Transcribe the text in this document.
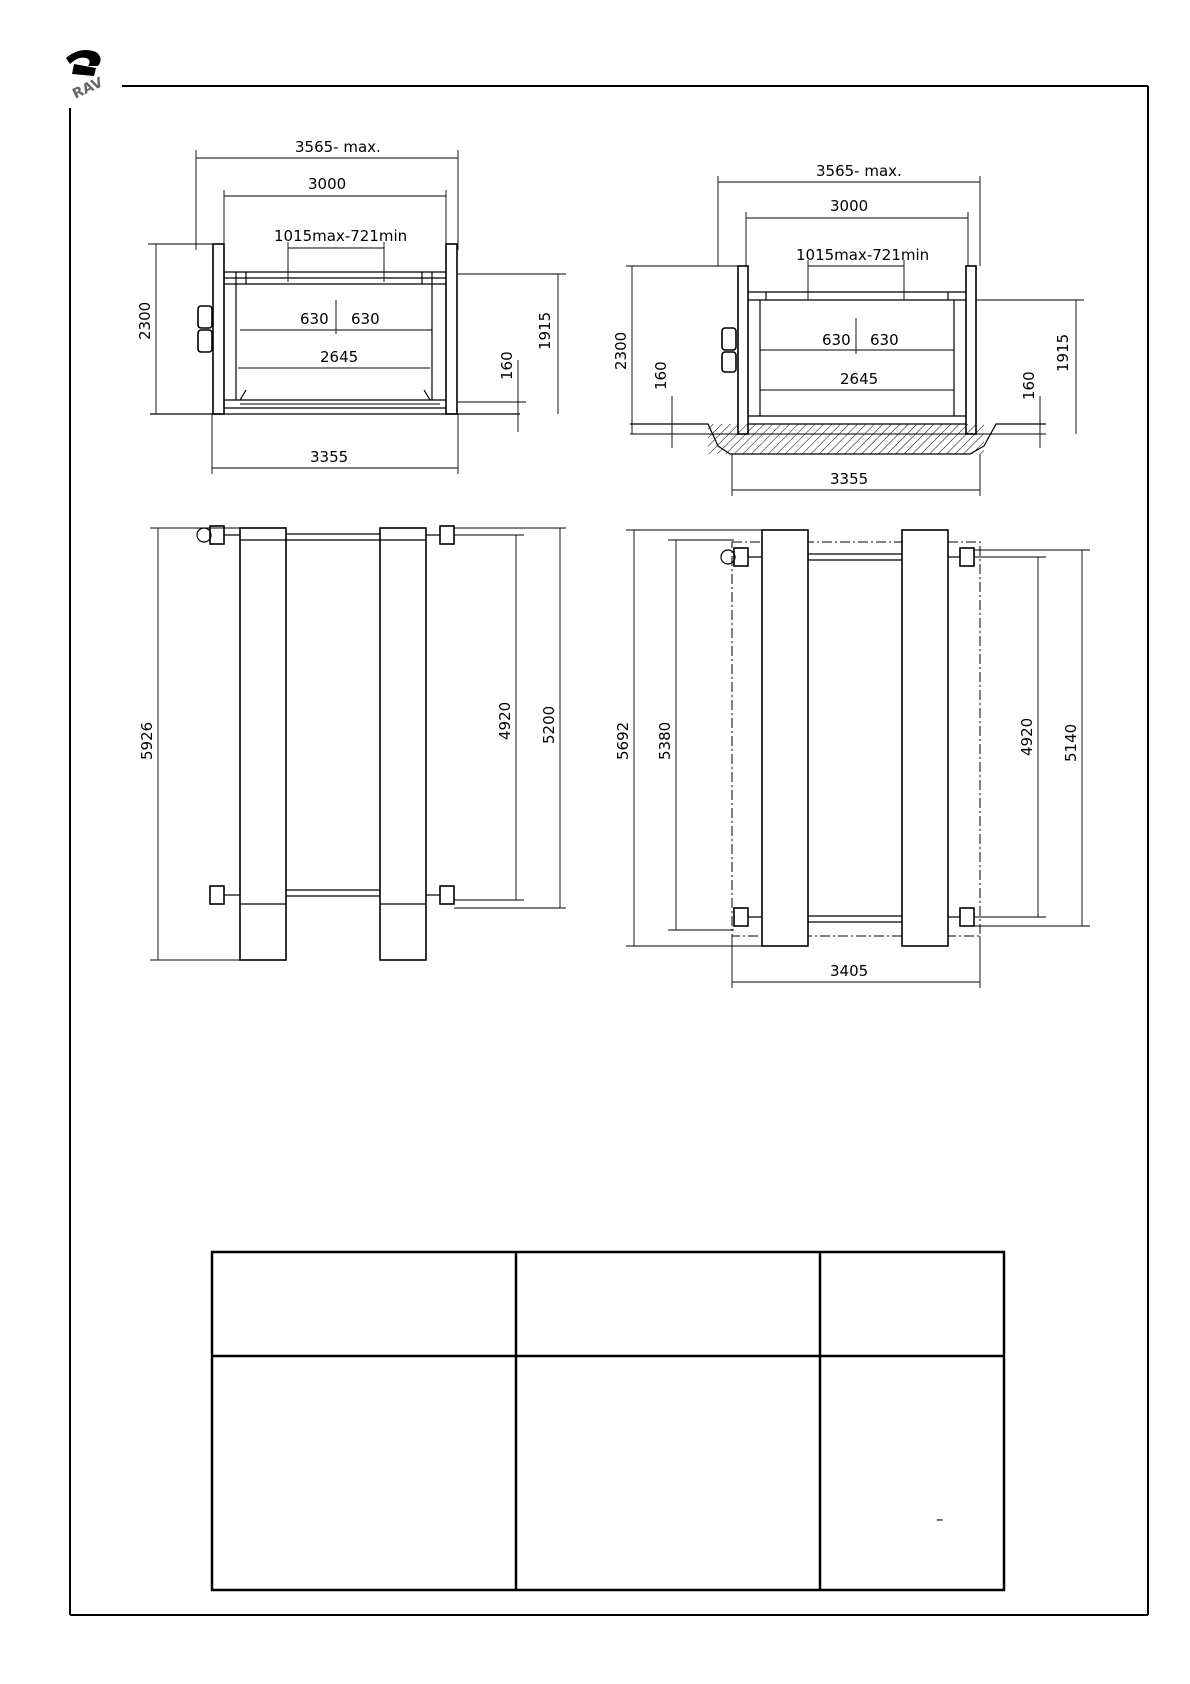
RAV
3565- max.
3000
1015max-721min
630 630
2645
2300	1915
160
3355
3565- max.
3000
1015max-721min
630 630
2645
2300
160	160
1915
3355
5926
4920 5200	5692 5380	4920 5140
3405
–
